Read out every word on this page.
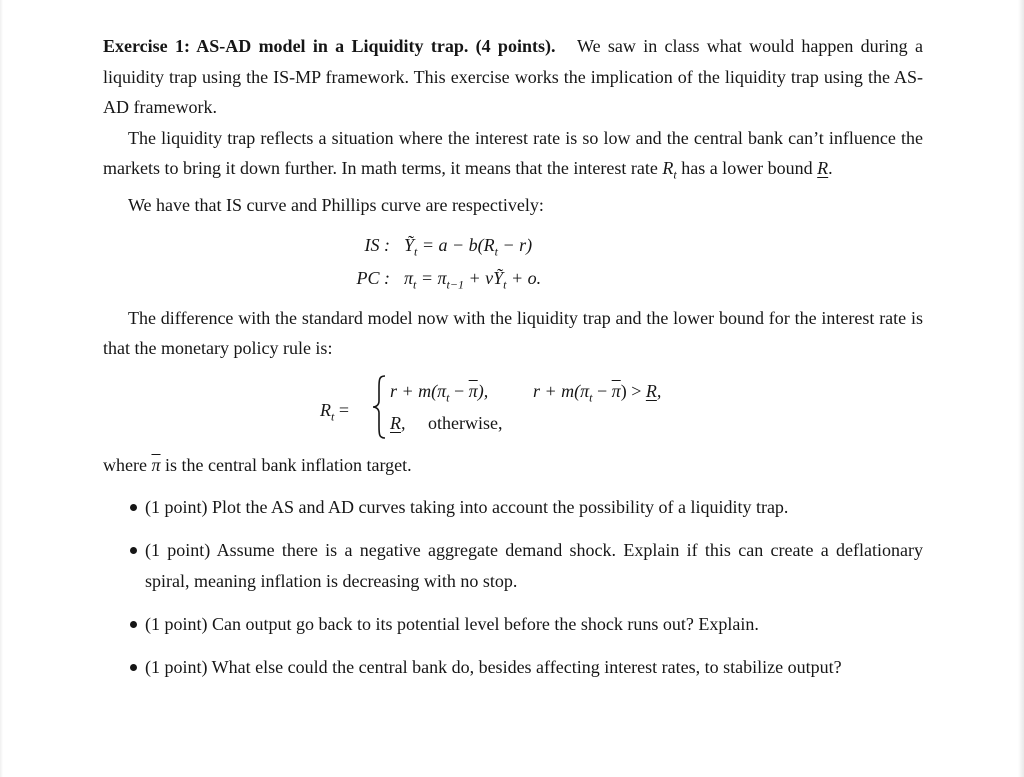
Exercise 1: AS-AD model in a Liquidity trap. (4 points). We saw in class what would happen during a liquidity trap using the IS-MP framework. This exercise works the implication of the liquidity trap using the AS-AD framework.

The liquidity trap reflects a situation where the interest rate is so low and the central bank can’t influence the markets to bring it down further. In math terms, it means that the interest rate $R_t$ has a lower bound R.

We have that IS curve and Phillips curve are respectively:

IS : Ỹ$_t$ = $a - b(R_t - r)$
PC : $\pi_t = \pi_{t-1}$ + νỸ$_t$ + o.

The difference with the standard model now with the liquidity trap and the lower bound for the interest rate is that the monetary policy rule is:

$R_t$ =
$r + m(\pi_t - \overline{\pi})$, $r + m(\pi_t - \overline{\pi}) > R$,
R, otherwise,

where $\overline{\pi}$ is the central bank inflation target.

(1 point) Plot the AS and AD curves taking into account the possibility of a liquidity trap.
(1 point) Assume there is a negative aggregate demand shock. Explain if this can create a deflationary spiral, meaning inflation is decreasing with no stop.
(1 point) Can output go back to its potential level before the shock runs out? Explain.
(1 point) What else could the central bank do, besides affecting interest rates, to stabilize output?
